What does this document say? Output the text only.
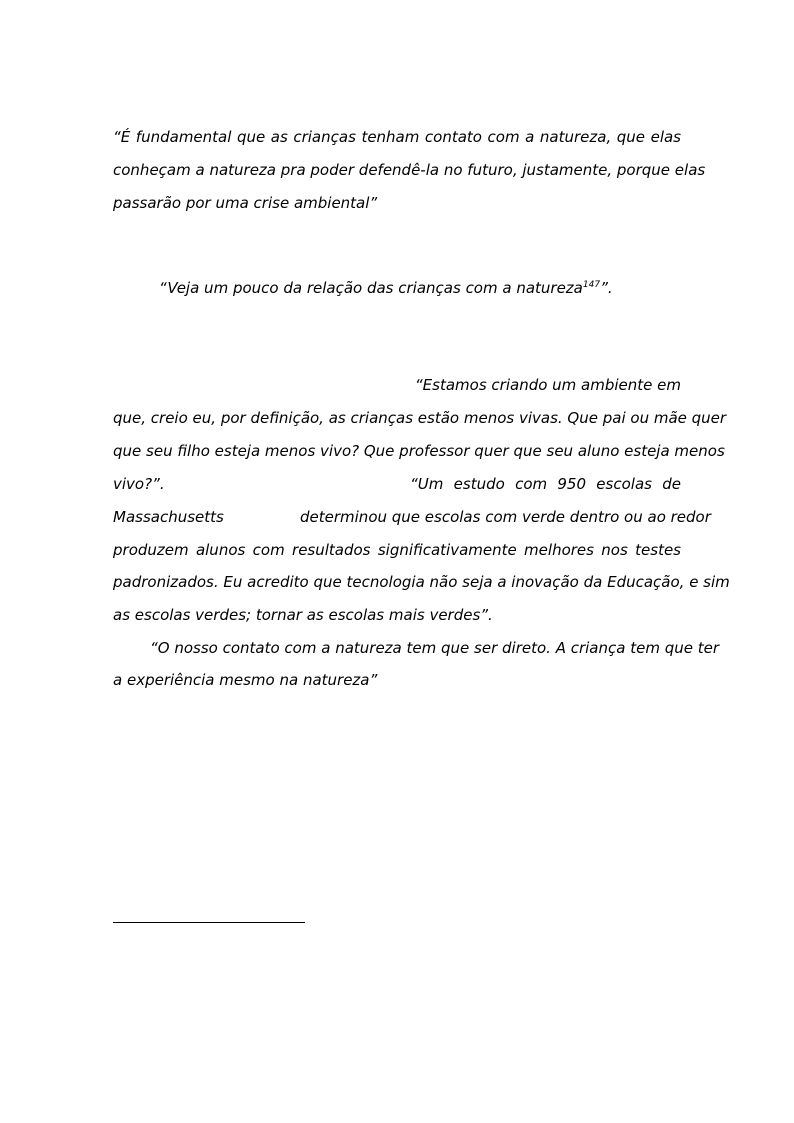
“É fundamental que as crianças tenham contato com a natureza, que elas
conheçam a natureza pra poder defendê-la no futuro, justamente, porque elas
passarão por uma crise ambiental”
“Veja um pouco da relação das crianças com a natureza$^{147}$”.
“Estamos criando um ambiente em
que, creio eu, por definição, as crianças estão menos vivas. Que pai ou mãe quer
que seu filho esteja menos vivo? Que professor quer que seu aluno esteja menos
vivo?”.	“Um estudo com 950 escolas de
Massachusetts	determinou que escolas com verde dentro ou ao redor
produzem alunos com resultados significativamente melhores nos testes
padronizados. Eu acredito que tecnologia não seja a inovação da Educação, e sim
as escolas verdes; tornar as escolas mais verdes”.
“O nosso contato com a natureza tem que ser direto. A criança tem que ter
a experiência mesmo na natureza”
